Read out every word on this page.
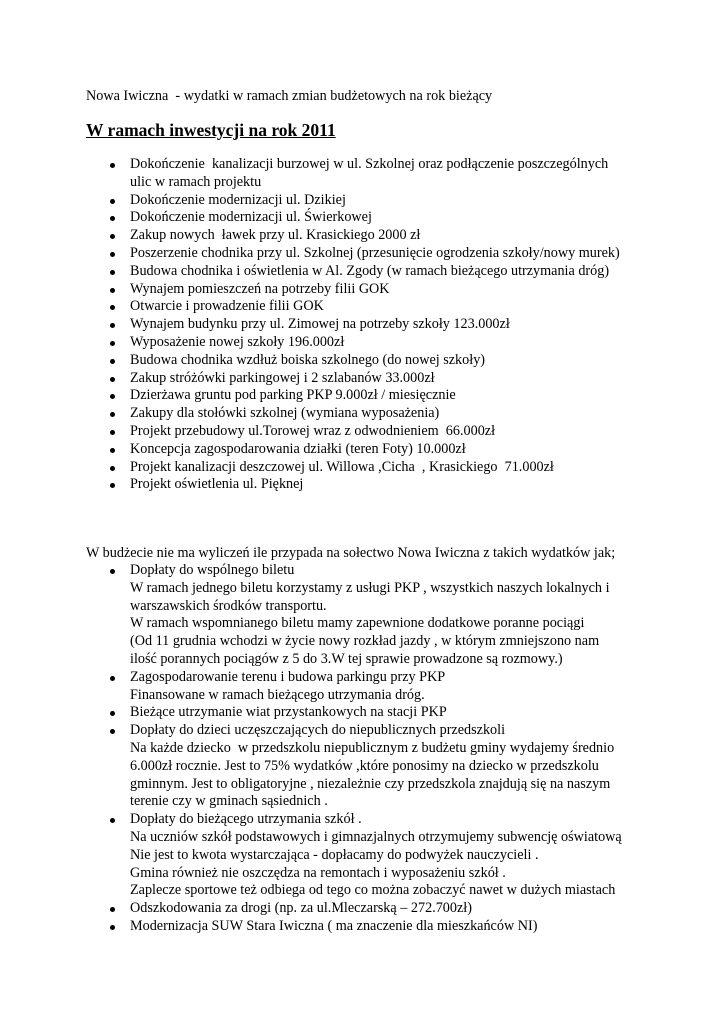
Nowa Iwiczna  - wydatki w ramach zmian budżetowych na rok bieżący
W ramach inwestycji na rok 2011
Dokończenie  kanalizacji burzowej w ul. Szkolnej oraz podłączenie poszczególnych
ulic w ramach projektu
Dokończenie modernizacji ul. Dzikiej
Dokończenie modernizacji ul. Świerkowej
Zakup nowych  ławek przy ul. Krasickiego 2000 zł
Poszerzenie chodnika przy ul. Szkolnej (przesunięcie ogrodzenia szkoły/nowy murek)
Budowa chodnika i oświetlenia w Al. Zgody (w ramach bieżącego utrzymania dróg)
Wynajem pomieszczeń na potrzeby filii GOK
Otwarcie i prowadzenie filii GOK
Wynajem budynku przy ul. Zimowej na potrzeby szkoły 123.000zł
Wyposażenie nowej szkoły 196.000zł
Budowa chodnika wzdłuż boiska szkolnego (do nowej szkoły)
Zakup stróżówki parkingowej i 2 szlabanów 33.000zł
Dzierżawa gruntu pod parking PKP 9.000zł / miesięcznie
Zakupy dla stołówki szkolnej (wymiana wyposażenia)
Projekt przebudowy ul.Torowej wraz z odwodnieniem  66.000zł
Koncepcja zagospodarowania działki (teren Foty) 10.000zł
Projekt kanalizacji deszczowej ul. Willowa ,Cicha  , Krasickiego  71.000zł
Projekt oświetlenia ul. Pięknej
W budżecie nie ma wyliczeń ile przypada na sołectwo Nowa Iwiczna z takich wydatków jak;
Dopłaty do wspólnego biletu
W ramach jednego biletu korzystamy z usługi PKP , wszystkich naszych lokalnych i
warszawskich środków transportu.
W ramach wspomnianego biletu mamy zapewnione dodatkowe poranne pociągi
(Od 11 grudnia wchodzi w życie nowy rozkład jazdy , w którym zmniejszono nam
ilość porannych pociągów z 5 do 3.W tej sprawie prowadzone są rozmowy.)
Zagospodarowanie terenu i budowa parkingu przy PKP
Finansowane w ramach bieżącego utrzymania dróg.
Bieżące utrzymanie wiat przystankowych na stacji PKP
Dopłaty do dzieci uczęszczających do niepublicznych przedszkoli
Na każde dziecko  w przedszkolu niepublicznym z budżetu gminy wydajemy średnio
6.000zł rocznie. Jest to 75% wydatków ,które ponosimy na dziecko w przedszkolu
gminnym. Jest to obligatoryjne , niezależnie czy przedszkola znajdują się na naszym
terenie czy w gminach sąsiednich .
Dopłaty do bieżącego utrzymania szkół .
Na uczniów szkół podstawowych i gimnazjalnych otrzymujemy subwencję oświatową
Nie jest to kwota wystarczająca - dopłacamy do podwyżek nauczycieli .
Gmina również nie oszczędza na remontach i wyposażeniu szkół .
Zaplecze sportowe też odbiega od tego co można zobaczyć nawet w dużych miastach
Odszkodowania za drogi (np. za ul.Mleczarską – 272.700zł)
Modernizacja SUW Stara Iwiczna ( ma znaczenie dla mieszkańców NI)
